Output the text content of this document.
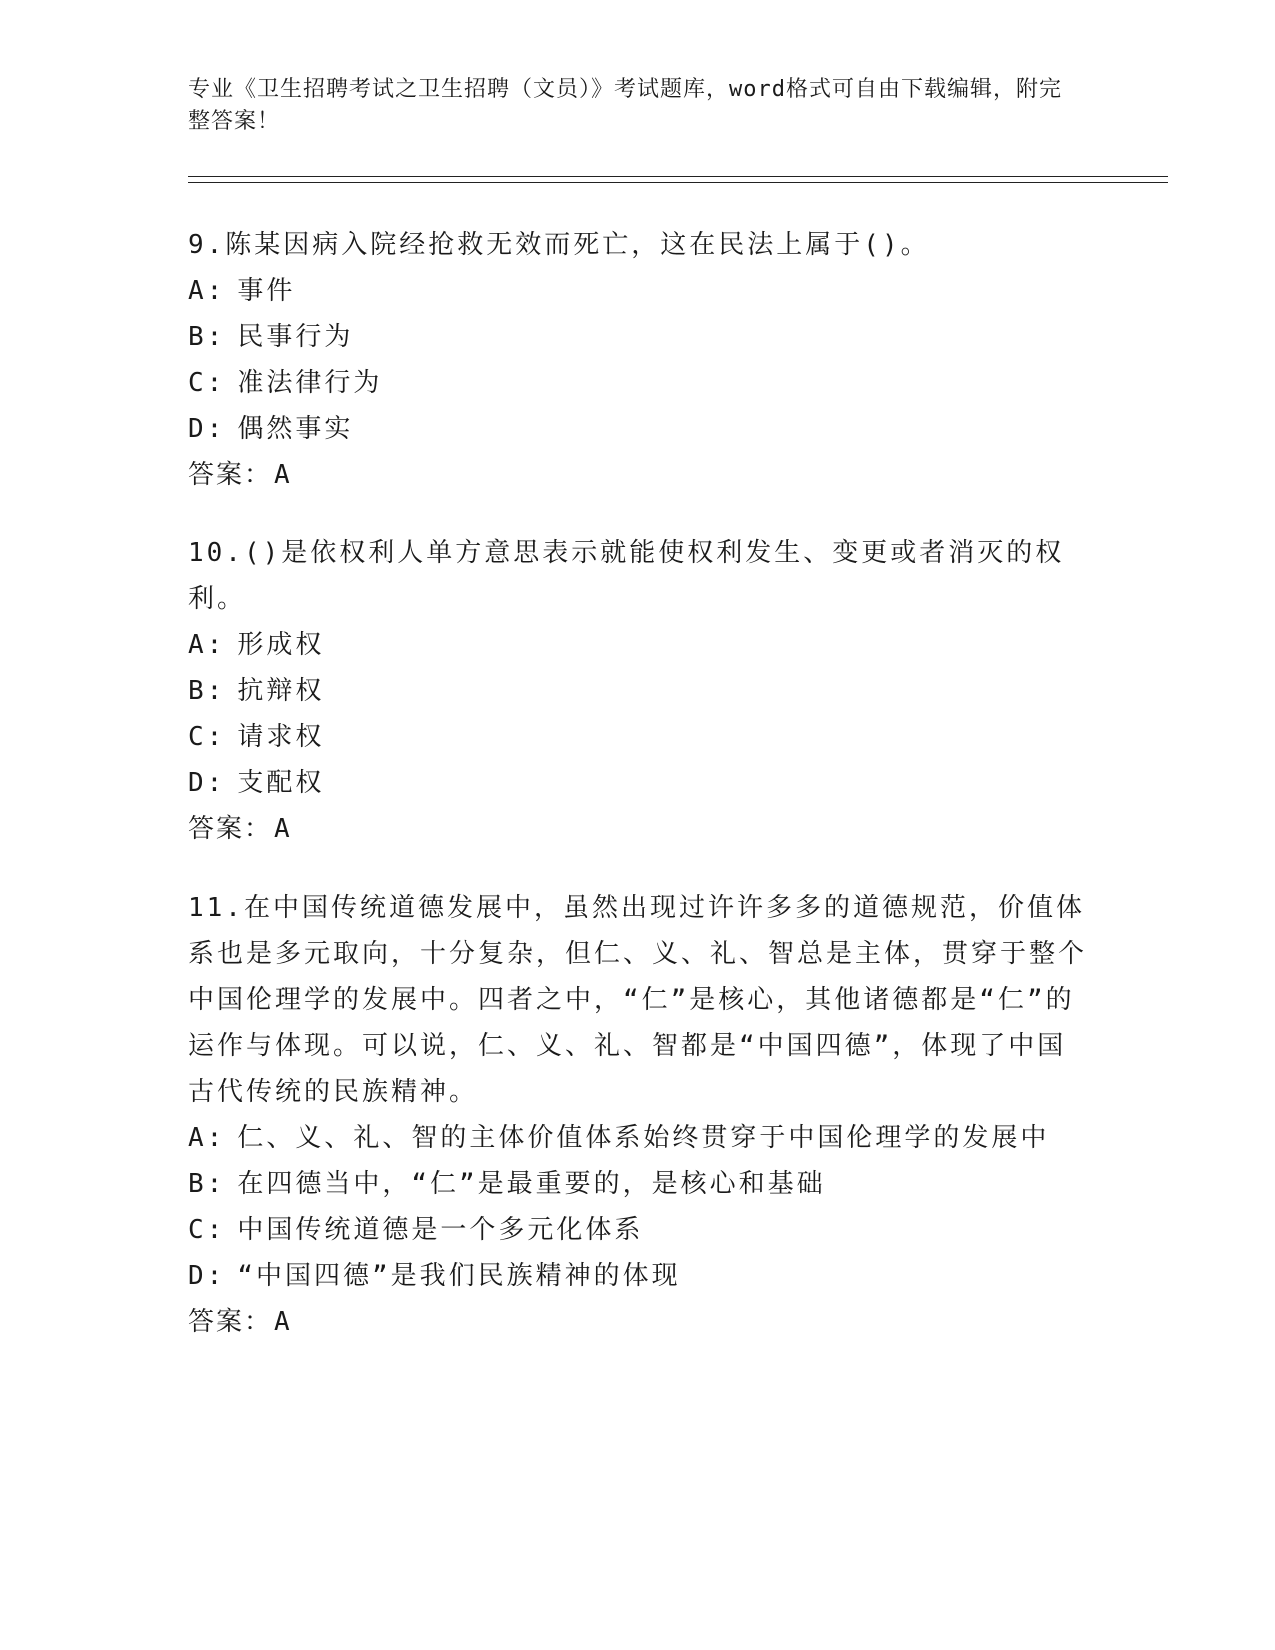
专业《卫生招聘考试之卫生招聘（文员）》考试题库，word格式可自由下载编辑，附完整答案！

9.陈某因病入院经抢救无效而死亡，这在民法上属于()。

A: 事件

B: 民事行为

C: 准法律行为

D: 偶然事实

答案：A

10.()是依权利人单方意思表示就能使权利发生、变更或者消灭的权利。

A: 形成权

B: 抗辩权

C: 请求权

D: 支配权

答案：A

11.在中国传统道德发展中，虽然出现过许许多多的道德规范，价值体系也是多元取向，十分复杂，但仁、义、礼、智总是主体，贯穿于整个中国伦理学的发展中。四者之中，“仁”是核心，其他诸德都是“仁”的运作与体现。可以说，仁、义、礼、智都是“中国四德”，体现了中国古代传统的民族精神。

A: 仁、义、礼、智的主体价值体系始终贯穿于中国伦理学的发展中

B: 在四德当中，“仁”是最重要的，是核心和基础

C: 中国传统道德是一个多元化体系

D: “中国四德”是我们民族精神的体现

答案：A
